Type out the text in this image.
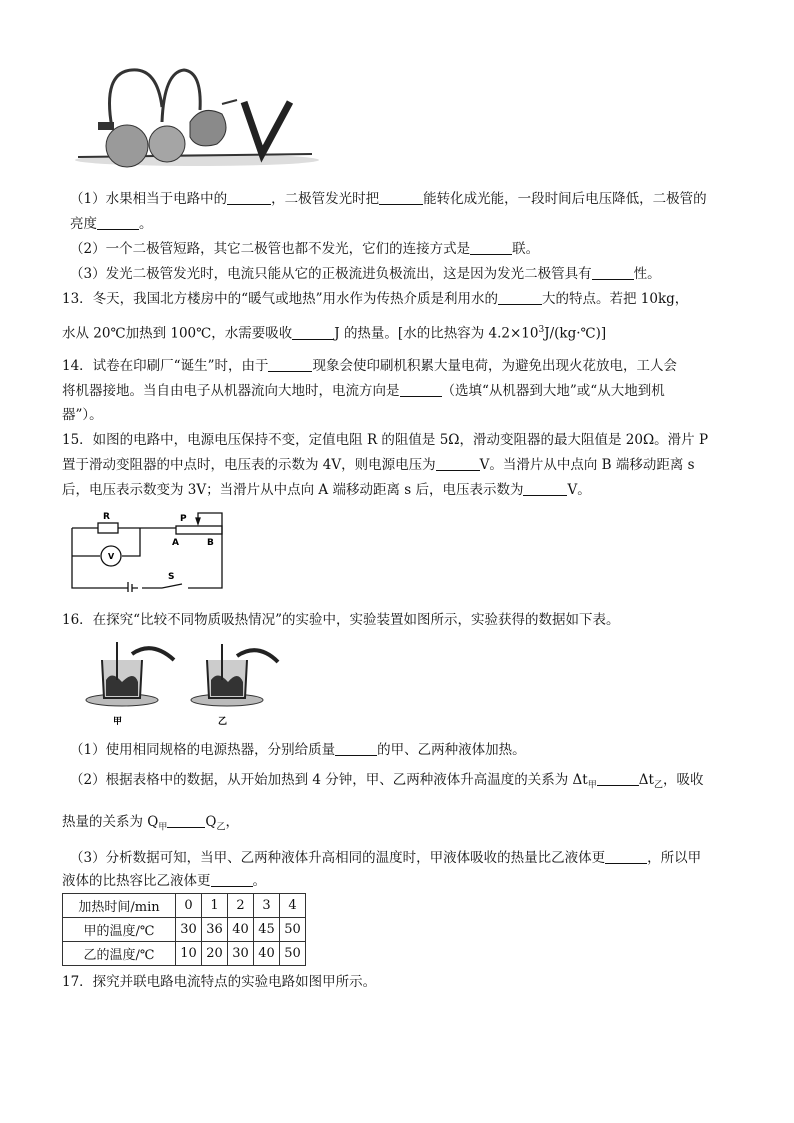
（1）水果相当于电路中的	，二极管发光时把	能转化成光能，一段时间后电压降低，二极管的
亮度	。
（2）一个二极管短路，其它二极管也都不发光，它们的连接方式是	联。
（3）发光二极管发光时，电流只能从它的正极流进负极流出，这是因为发光二极管具有	性。
13．冬天，我国北方楼房中的“暖气或地热”用水作为传热介质是利用水的	大的特点。若把 10kg，
水从 20℃加热到 100℃，水需要吸收	J 的热量。[水的比热容为 $4.2\times 10^3J/(kg\cdot℃)$]
14．试卷在印刷厂“诞生”时，由于	现象会使印刷机积累大量电荷，为避免出现火花放电，工人会
将机器接地。当自由电子从机器流向大地时，电流方向是	（选填“从机器到大地”或“从大地到机
器”）。
15．如图的电路中，电源电压保持不变，定值电阻 R 的阻值是 5Ω，滑动变阻器的最大阻值是 20Ω。滑片 P
置于滑动变阻器的中点时，电压表的示数为 4V，则电源电压为	V。当滑片从中点向 B 端移动距离 s
后，电压表示数变为 3V；当滑片从中点向 A 端移动距离 s 后，电压表示数为	V。
R	P
A	B
V
S
16．在探究“比较不同物质吸热情况”的实验中，实验装置如图所示，实验获得的数据如下表。
甲	乙
（1）使用相同规格的电源热器，分别给质量	的甲、乙两种液体加热。
（2）根据表格中的数据，从开始加热到 4 分钟，甲、乙两种液体升高温度的关系为 $\Delta t_甲$	$\Delta t_乙$，吸收
热量的关系为 $Q_甲$	$Q_乙$，
（3）分析数据可知，当甲、乙两种液体升高相同的温度时，甲液体吸收的热量比乙液体更	，所以甲
液体的比热容比乙液体更	。
加热时间/min	0	1	2	3	4
甲的温度/℃	30	36	40	45	50
乙的温度/℃	10	20	30	40	50
17．探究并联电路电流特点的实验电路如图甲所示。
